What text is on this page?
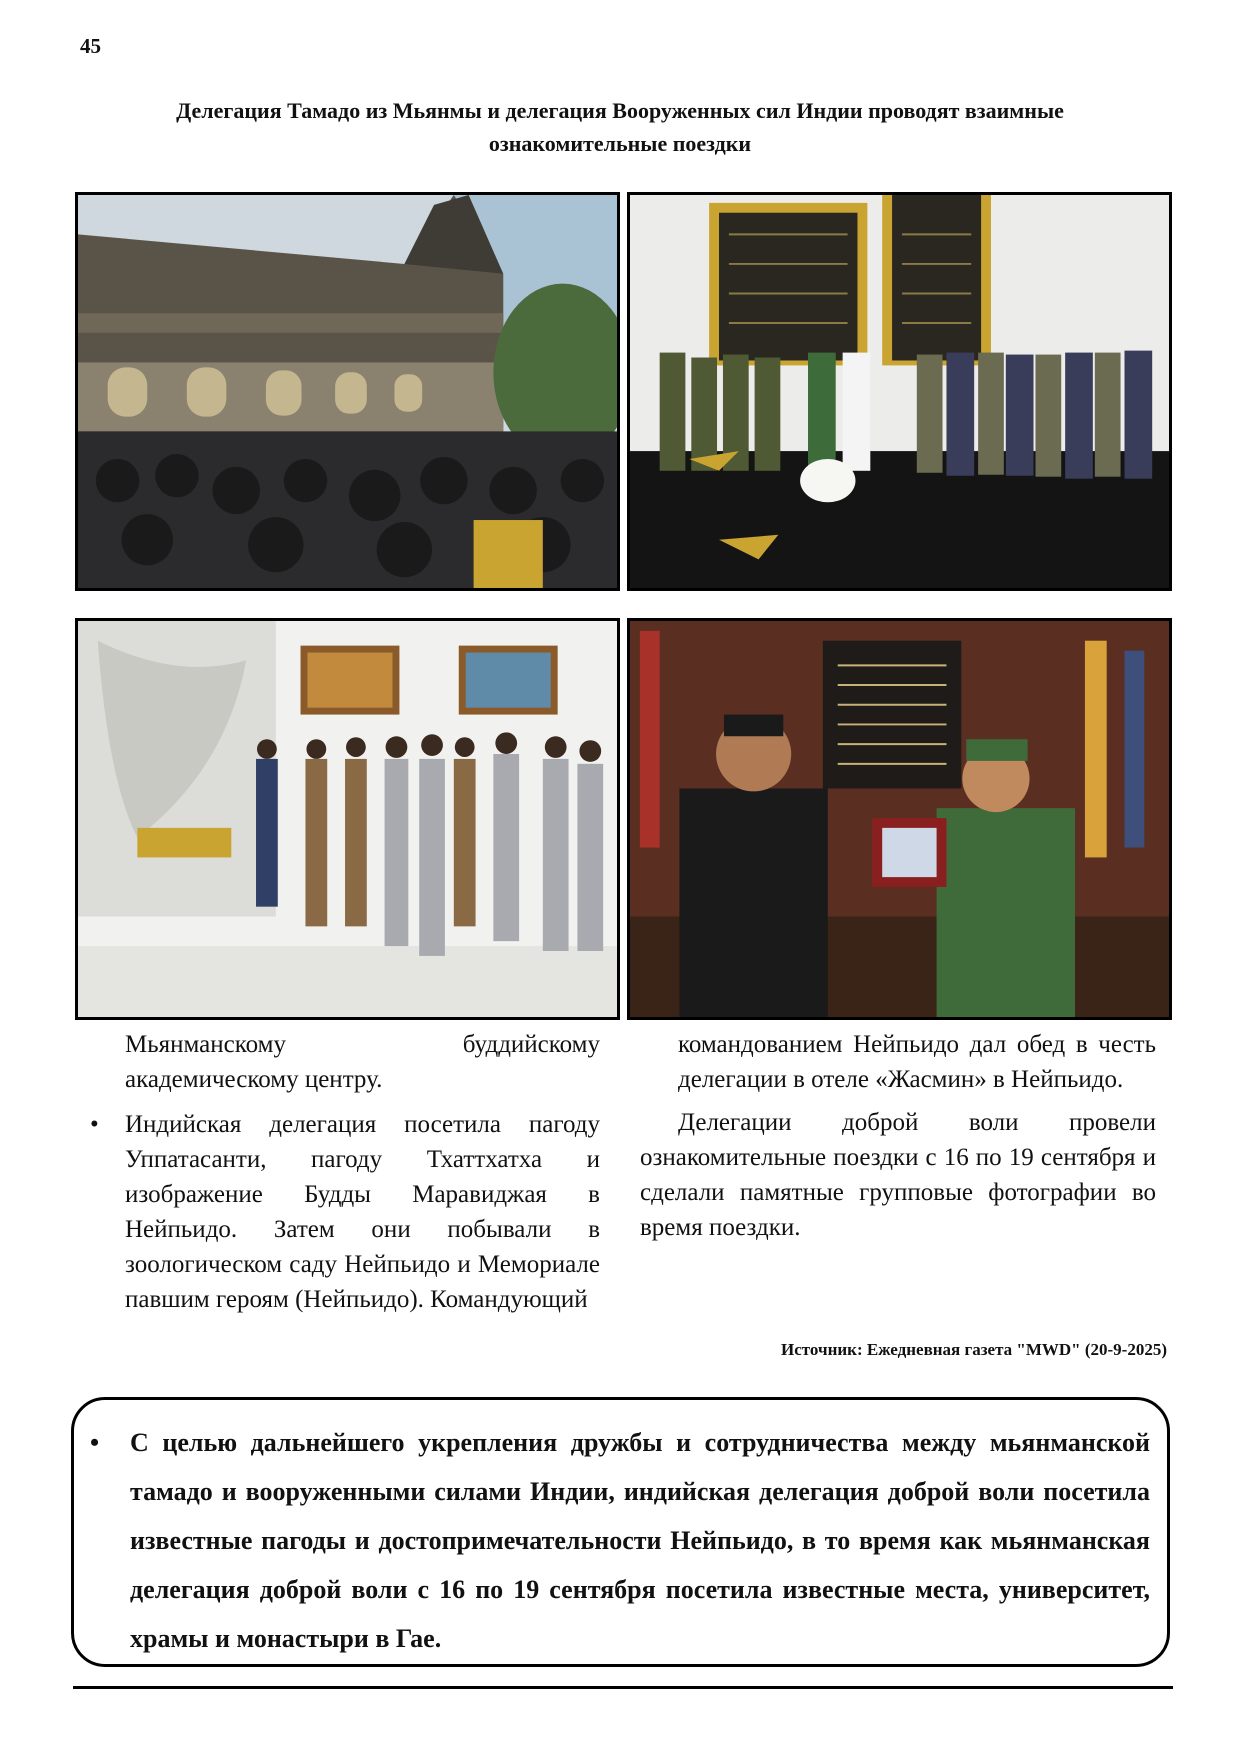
45
Делегация Тамадо из Мьянмы и делегация Вооруженных сил Индии проводят взаимные ознакомительные поездки

Мьянманскому буддийскому академическому центру.

• Индийская делегация посетила пагоду Уппатасанти, пагоду Тхаттхатха и изображение Будды Маравиджая в Нейпьидо. Затем они побывали в зоологическом саду Нейпьидо и Мемориале павшим героям (Нейпьидо). Командующий

командованием Нейпьидо дал обед в честь делегации в отеле «Жасмин» в Нейпьидо.

Делегации доброй воли провели ознакомительные поездки с 16 по 19 сентября и сделали памятные групповые фотографии во время поездки.

Источник: Ежедневная газета "MWD" (20-9-2025)
• С целью дальнейшего укрепления дружбы и сотрудничества между мьянманской тамадо и вооруженными силами Индии, индийская делегация доброй воли посетила известные пагоды и достопримечательности Нейпьидо, в то время как мьянманская делегация доброй воли с 16 по 19 сентября посетила известные места, университет, храмы и монастыри в Гае.
